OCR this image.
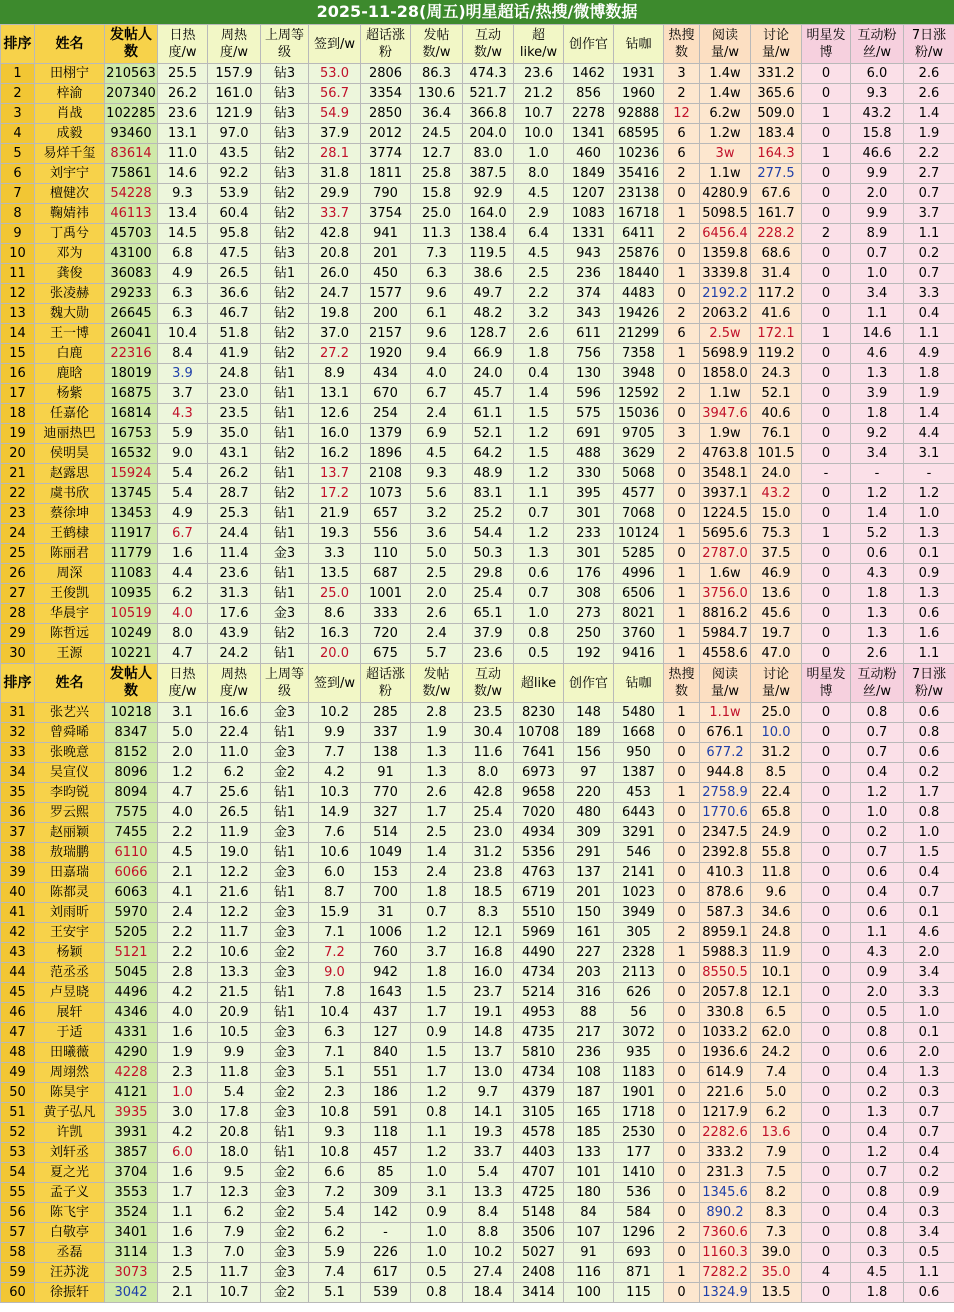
2025-11-28(周五)明星超话/热搜/微博数据
排序	姓名	发帖人数	日热度/w	周热度/w	上周等级	签到/w	超话涨粉	发帖数/w	互动数/w	超like/w	创作官	钻咖	热搜数	阅读量/w	讨论量/w	明星发博	互动粉丝/w	7日涨粉/w
1	田栩宁	210563	25.5	157.9	钻3	53.0	2806	86.3	474.3	23.6	1462	1931	3	1.4w	331.2	0	6.0	2.6
2	梓渝	207340	26.2	161.0	钻3	56.7	3354	130.6	521.7	21.2	856	1960	2	1.4w	365.6	0	9.3	2.6
3	肖战	102285	23.6	121.9	钻3	54.9	2850	36.4	366.8	10.7	2278	92888	12	6.2w	509.0	1	43.2	1.4
4	成毅	93460	13.1	97.0	钻3	37.9	2012	24.5	204.0	10.0	1341	68595	6	1.2w	183.4	0	15.8	1.9
5	易烊千玺	83614	11.0	43.5	钻2	28.1	3774	12.7	83.0	1.0	460	10236	6	3w	164.3	1	46.6	2.2
6	刘宇宁	75861	14.6	92.2	钻3	31.8	1811	25.8	387.5	8.0	1849	35416	2	1.1w	277.5	0	9.9	2.7
7	檀健次	54228	9.3	53.9	钻2	29.9	790	15.8	92.9	4.5	1207	23138	0	4280.9	67.6	0	2.0	0.7
8	鞠婧祎	46113	13.4	60.4	钻2	33.7	3754	25.0	164.0	2.9	1083	16718	1	5098.5	161.7	0	9.9	3.7
9	丁禹兮	45703	14.5	95.8	钻2	42.8	941	11.3	138.4	6.4	1331	6411	2	6456.4	228.2	2	8.9	1.1
10	邓为	43100	6.8	47.5	钻3	20.8	201	7.3	119.5	4.5	943	25876	0	1359.8	68.6	0	0.7	0.2
11	龚俊	36083	4.9	26.5	钻1	26.0	450	6.3	38.6	2.5	236	18440	1	3339.8	31.4	0	1.0	0.7
12	张凌赫	29233	6.3	36.6	钻2	24.7	1577	9.6	49.7	2.2	374	4483	0	2192.2	117.2	0	3.4	3.3
13	魏大勋	26645	6.3	46.7	钻2	19.8	200	6.1	48.2	3.2	343	19426	2	2063.2	41.6	0	1.1	0.4
14	王一博	26041	10.4	51.8	钻2	37.0	2157	9.6	128.7	2.6	611	21299	6	2.5w	172.1	1	14.6	1.1
15	白鹿	22316	8.4	41.9	钻2	27.2	1920	9.4	66.9	1.8	756	7358	1	5698.9	119.2	0	4.6	4.9
16	鹿晗	18019	3.9	24.8	钻1	8.9	434	4.0	24.0	0.4	130	3948	0	1858.0	24.3	0	1.3	1.8
17	杨紫	16875	3.7	23.0	钻1	13.1	670	6.7	45.7	1.4	596	12592	2	1.1w	52.1	0	3.9	1.9
18	任嘉伦	16814	4.3	23.5	钻1	12.6	254	2.4	61.1	1.5	575	15036	0	3947.6	40.6	0	1.8	1.4
19	迪丽热巴	16753	5.9	35.0	钻1	16.0	1379	6.9	52.1	1.2	691	9705	3	1.9w	76.1	0	9.2	4.4
20	侯明昊	16532	9.0	43.1	钻2	16.2	1896	4.5	64.2	1.5	488	3629	2	4763.8	101.5	0	3.4	3.1
21	赵露思	15924	5.4	26.2	钻1	13.7	2108	9.3	48.9	1.2	330	5068	0	3548.1	24.0	-	-	-
22	虞书欣	13745	5.4	28.7	钻2	17.2	1073	5.6	83.1	1.1	395	4577	0	3937.1	43.2	0	1.2	1.2
23	蔡徐坤	13453	4.9	25.3	钻1	21.9	657	3.2	25.2	0.7	301	7068	0	1224.5	15.0	0	1.4	1.0
24	王鹤棣	11917	6.7	24.4	钻1	19.3	556	3.6	54.4	1.2	233	10124	1	5695.6	75.3	1	5.2	1.3
25	陈丽君	11779	1.6	11.4	金3	3.3	110	5.0	50.3	1.3	301	5285	0	2787.0	37.5	0	0.6	0.1
26	周深	11083	4.4	23.6	钻1	13.5	687	2.5	29.8	0.6	176	4996	1	1.6w	46.9	0	4.3	0.9
27	王俊凯	10935	6.2	31.3	钻1	25.0	1001	2.0	25.4	0.7	308	6506	1	3756.0	13.6	0	1.8	1.3
28	华晨宇	10519	4.0	17.6	金3	8.6	333	2.6	65.1	1.0	273	8021	1	8816.2	45.6	0	1.3	0.6
29	陈哲远	10249	8.0	43.9	钻2	16.3	720	2.4	37.9	0.8	250	3760	1	5984.7	19.7	0	1.3	1.6
30	王源	10221	4.7	24.2	钻1	20.0	675	5.7	23.6	0.5	192	9416	1	4558.6	47.0	0	2.6	1.1
排序	姓名	发帖人数	日热度/w	周热度/w	上周等级	签到/w	超话涨粉	发帖数/w	互动数/w	超like	创作官	钻咖	热搜数	阅读量/w	讨论量/w	明星发博	互动粉丝/w	7日涨粉/w
31	张艺兴	10218	3.1	16.6	金3	10.2	285	2.8	23.5	8230	148	5480	1	1.1w	25.0	0	0.8	0.6
32	曾舜晞	8347	5.0	22.4	钻1	9.9	337	1.9	30.4	10708	189	1668	0	676.1	10.0	0	0.7	0.8
33	张晚意	8152	2.0	11.0	金3	7.7	138	1.3	11.6	7641	156	950	0	677.2	31.2	0	0.7	0.6
34	吴宣仪	8096	1.2	6.2	金2	4.2	91	1.3	8.0	6973	97	1387	0	944.8	8.5	0	0.4	0.2
35	李昀锐	8094	4.7	25.6	钻1	10.3	770	2.6	42.8	9658	220	453	1	2758.9	22.4	0	1.2	1.7
36	罗云熙	7575	4.0	26.5	钻1	14.9	327	1.7	25.4	7020	480	6443	0	1770.6	65.8	0	1.0	0.8
37	赵丽颖	7455	2.2	11.9	金3	7.6	514	2.5	23.0	4934	309	3291	0	2347.5	24.9	0	0.2	1.0
38	敖瑞鹏	6110	4.5	19.0	钻1	10.6	1049	1.4	31.2	5356	291	546	0	2392.8	55.8	0	0.7	1.5
39	田嘉瑞	6066	2.1	12.2	金3	6.0	153	2.4	23.8	4763	137	2141	0	410.3	11.8	0	0.6	0.4
40	陈都灵	6063	4.1	21.6	钻1	8.7	700	1.8	18.5	6719	201	1023	0	878.6	9.6	0	0.4	0.7
41	刘雨昕	5970	2.4	12.2	金3	15.9	31	0.7	8.3	5510	150	3949	0	587.3	34.6	0	0.6	0.1
42	王安宇	5205	2.2	11.7	金3	7.1	1006	1.2	12.1	5969	161	305	2	8959.1	24.8	0	1.1	4.6
43	杨颖	5121	2.2	10.6	金2	7.2	760	3.7	16.8	4490	227	2328	1	5988.3	11.9	0	4.3	2.0
44	范丞丞	5045	2.8	13.3	金3	9.0	942	1.8	16.0	4734	203	2113	0	8550.5	10.1	0	0.9	3.4
45	卢昱晓	4496	4.2	21.5	钻1	7.8	1643	1.5	23.7	5214	316	626	0	2057.8	12.1	0	2.0	3.3
46	展轩	4346	4.0	20.9	钻1	10.4	437	1.7	19.1	4953	88	56	0	330.8	6.5	0	0.5	1.0
47	于适	4331	1.6	10.5	金3	6.3	127	0.9	14.8	4735	217	3072	0	1033.2	62.0	0	0.8	0.1
48	田曦薇	4290	1.9	9.9	金3	7.1	840	1.5	13.7	5810	236	935	0	1936.6	24.2	0	0.6	2.0
49	周翊然	4228	2.3	11.8	金3	5.1	551	1.7	13.0	4734	108	1183	0	614.9	7.4	0	0.4	1.3
50	陈昊宇	4121	1.0	5.4	金2	2.3	186	1.2	9.7	4379	187	1901	0	221.6	5.0	0	0.2	0.3
51	黄子弘凡	3935	3.0	17.8	金3	10.8	591	0.8	14.1	3105	165	1718	0	1217.9	6.2	0	1.3	0.7
52	许凯	3931	4.2	20.8	钻1	9.3	118	1.1	19.3	4578	185	2530	0	2282.6	13.6	0	0.4	0.7
53	刘轩丞	3857	6.0	18.0	钻1	10.8	457	1.2	33.7	4403	133	177	0	333.2	7.9	0	1.2	0.4
54	夏之光	3704	1.6	9.5	金2	6.6	85	1.0	5.4	4707	101	1410	0	231.3	7.5	0	0.7	0.2
55	孟子义	3553	1.7	12.3	金3	7.2	309	3.1	13.3	4725	180	536	0	1345.6	8.2	0	0.8	0.9
56	陈飞宇	3524	1.1	6.2	金2	5.4	142	0.9	8.4	5148	84	584	0	890.2	8.3	0	0.4	0.3
57	白敬亭	3401	1.6	7.9	金2	6.2	-	1.0	8.8	3506	107	1296	2	7360.6	7.3	0	0.8	3.4
58	丞磊	3114	1.3	7.0	金3	5.9	226	1.0	10.2	5027	91	693	0	1160.3	39.0	0	0.3	0.5
59	汪苏泷	3073	2.5	11.7	金3	7.4	617	0.5	27.4	2408	116	871	1	7282.2	35.0	4	4.5	1.1
60	徐振轩	3042	2.1	10.7	金2	5.1	539	0.8	18.4	3414	100	115	0	1324.9	13.5	0	1.8	0.6
